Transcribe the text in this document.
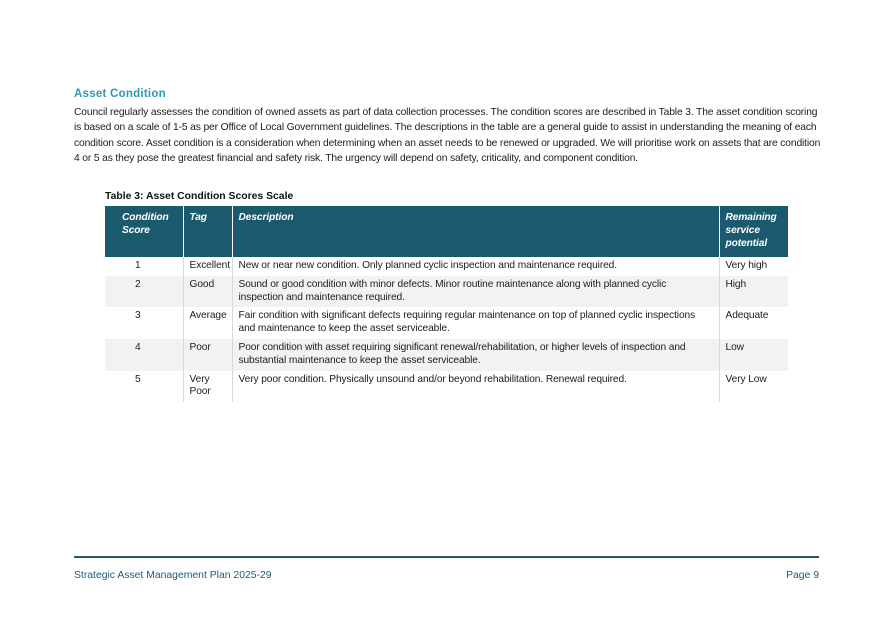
Asset Condition
Council regularly assesses the condition of owned assets as part of data collection processes. The condition scores are described in Table 3. The asset condition scoring is based on a scale of 1-5 as per Office of Local Government guidelines. The descriptions in the table are a general guide to assist in understanding the meaning of each condition score. Asset condition is a consideration when determining when an asset needs to be renewed or upgraded. We will prioritise work on assets that are condition 4 or 5 as they pose the greatest financial and safety risk. The urgency will depend on safety, criticality, and component condition.
Table 3: Asset Condition Scores Scale
Condition Score	Tag	Description	Remaining service potential
1	Excellent	New or near new condition. Only planned cyclic inspection and maintenance required.	Very high
2	Good	Sound or good condition with minor defects. Minor routine maintenance along with planned cyclic inspection and maintenance required.	High
3	Average	Fair condition with significant defects requiring regular maintenance on top of planned cyclic inspections and maintenance to keep the asset serviceable.	Adequate
4	Poor	Poor condition with asset requiring significant renewal/rehabilitation, or higher levels of inspection and substantial maintenance to keep the asset serviceable.	Low
5	Very Poor	Very poor condition. Physically unsound and/or beyond rehabilitation. Renewal required.	Very Low
Strategic Asset Management Plan 2025-29	Page 9
